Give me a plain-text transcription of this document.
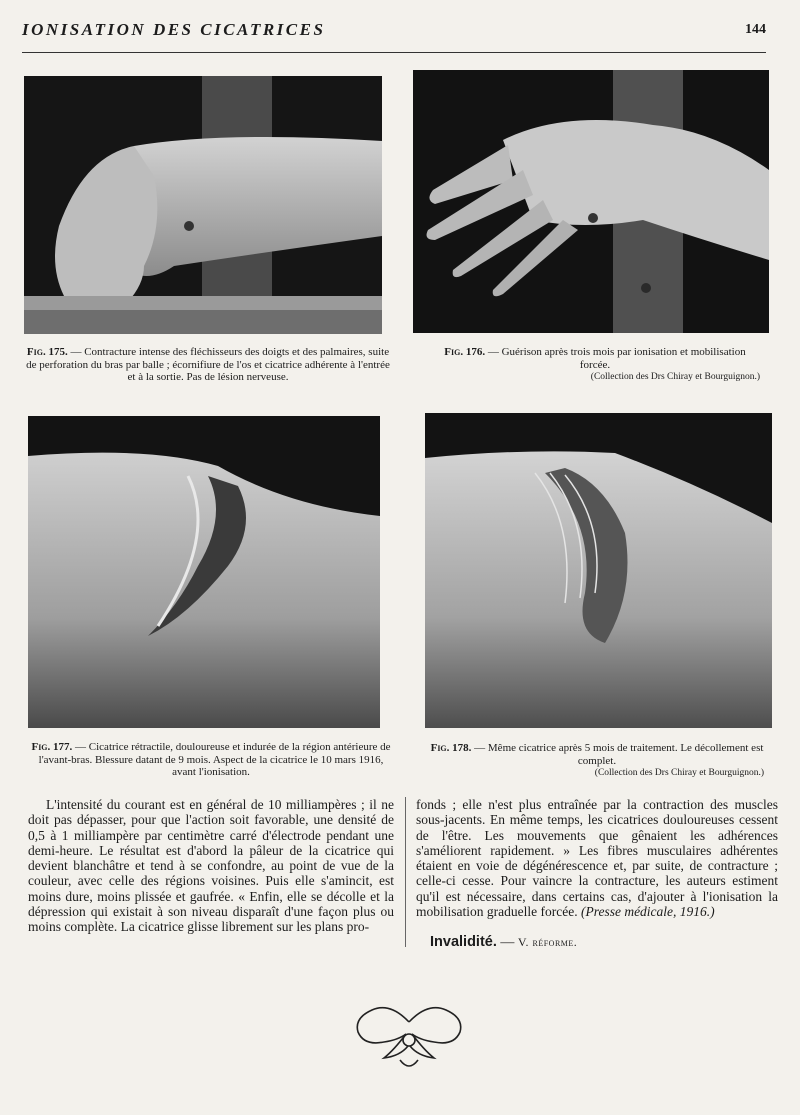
IONISATION DES CICATRICES	144

Fig. 175. — Contracture intense des fléchisseurs des doigts et des palmaires, suite de perforation du bras par balle ; écornifiure de l'os et cicatrice adhérente à l'entrée et à la sortie. Pas de lésion nerveuse.

Fig. 176. — Guérison après trois mois par ionisation et mobilisation forcée.
(Collection des Drs Chiray et Bourguignon.)

Fig. 177. — Cicatrice rétractile, douloureuse et indurée de la région antérieure de l'avant-bras. Blessure datant de 9 mois. Aspect de la cicatrice le 10 mars 1916, avant l'ionisation.

Fig. 178. — Même cicatrice après 5 mois de traitement. Le décollement est complet.
(Collection des Drs Chiray et Bourguignon.)

L'intensité du courant est en général de 10 milliampères ; il ne doit pas dépasser, pour que l'action soit favorable, une densité de 0,5 à 1 milliampère par centimètre carré d'électrode pendant une demi-heure. Le résultat est d'abord la pâleur de la cicatrice qui devient blanchâtre et tend à se confondre, au point de vue de la couleur, avec celle des régions voisines. Puis elle s'amincit, est moins dure, moins plissée et gaufrée. « Enfin, elle se décolle et la dépression qui existait à son niveau disparaît d'une façon plus ou moins complète. La cicatrice glisse librement sur les plans pro-

fonds ; elle n'est plus entraînée par la contraction des muscles sous-jacents. En même temps, les cicatrices douloureuses cessent de l'être. Les mouvements que gênaient les adhérences s'améliorent rapidement. » Les fibres musculaires adhérentes étaient en voie de dégénérescence et, par suite, de contracture ; celle-ci cesse. Pour vaincre la contracture, les auteurs estiment qu'il est nécessaire, dans certains cas, d'ajouter à l'ionisation la mobilisation graduelle forcée. (Presse médicale, 1916.)

Invalidité. — V. réforme.
